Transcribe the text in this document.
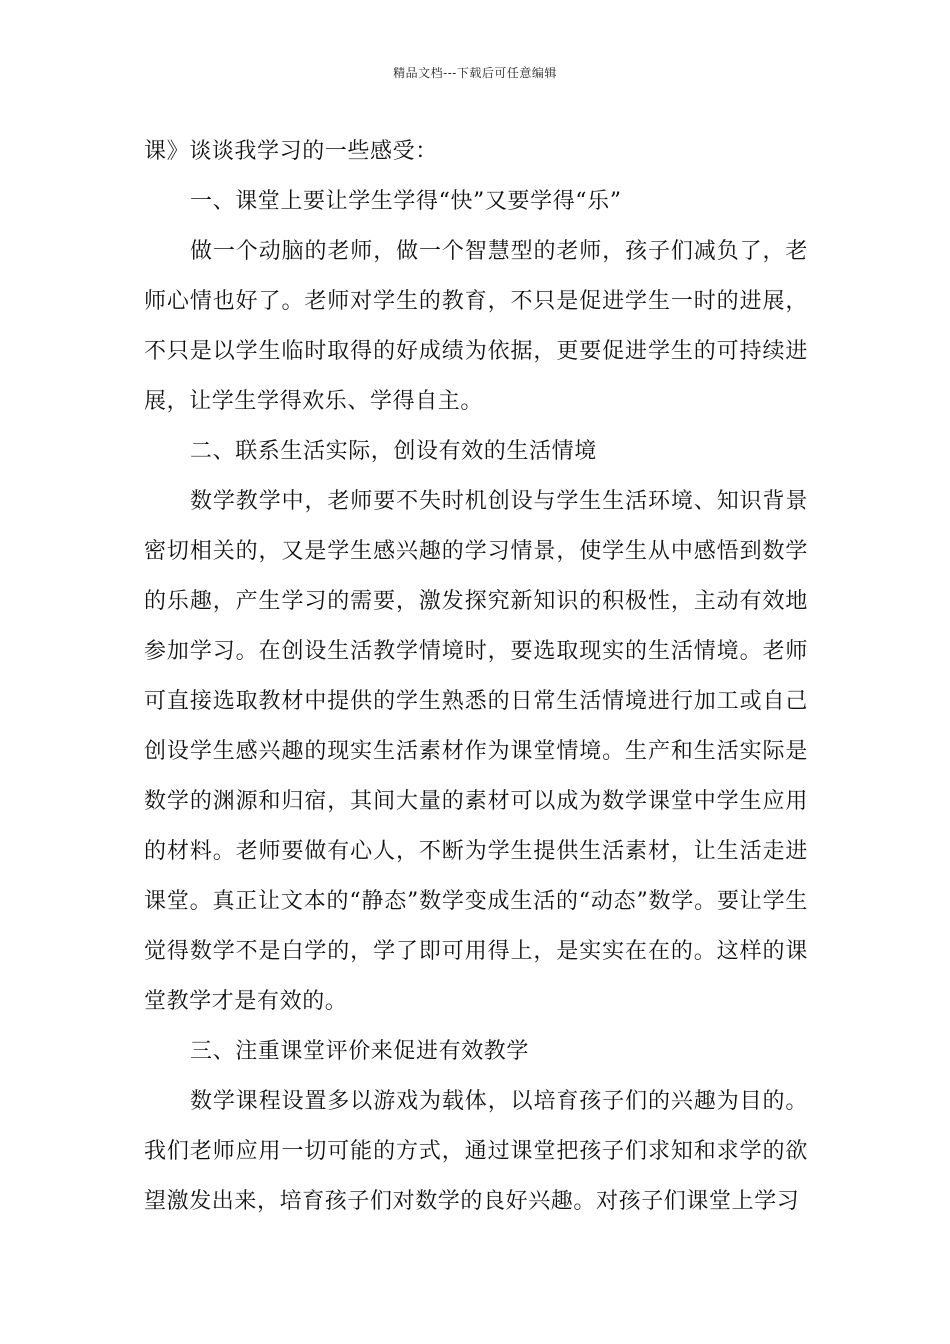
精品文档---下载后可任意编辑

课》谈谈我学习的一些感受：

一、课堂上要让学生学得“快”又要学得“乐”

做一个动脑的老师，做一个智慧型的老师，孩子们减负了，老师心情也好了。老师对学生的教育，不只是促进学生一时的进展，不只是以学生临时取得的好成绩为依据，更要促进学生的可持续进展，让学生学得欢乐、学得自主。

二、联系生活实际，创设有效的生活情境

数学教学中，老师要不失时机创设与学生生活环境、知识背景密切相关的，又是学生感兴趣的学习情景，使学生从中感悟到数学的乐趣，产生学习的需要，激发探究新知识的积极性，主动有效地参加学习。在创设生活教学情境时，要选取现实的生活情境。老师可直接选取教材中提供的学生熟悉的日常生活情境进行加工或自己创设学生感兴趣的现实生活素材作为课堂情境。生产和生活实际是数学的渊源和归宿，其间大量的素材可以成为数学课堂中学生应用的材料。老师要做有心人，不断为学生提供生活素材，让生活走进课堂。真正让文本的“静态”数学变成生活的“动态”数学。要让学生觉得数学不是白学的，学了即可用得上，是实实在在的。这样的课堂教学才是有效的。

三、注重课堂评价来促进有效教学

数学课程设置多以游戏为载体，以培育孩子们的兴趣为目的。我们老师应用一切可能的方式，通过课堂把孩子们求知和求学的欲望激发出来，培育孩子们对数学的良好兴趣。对孩子们课堂上学习
